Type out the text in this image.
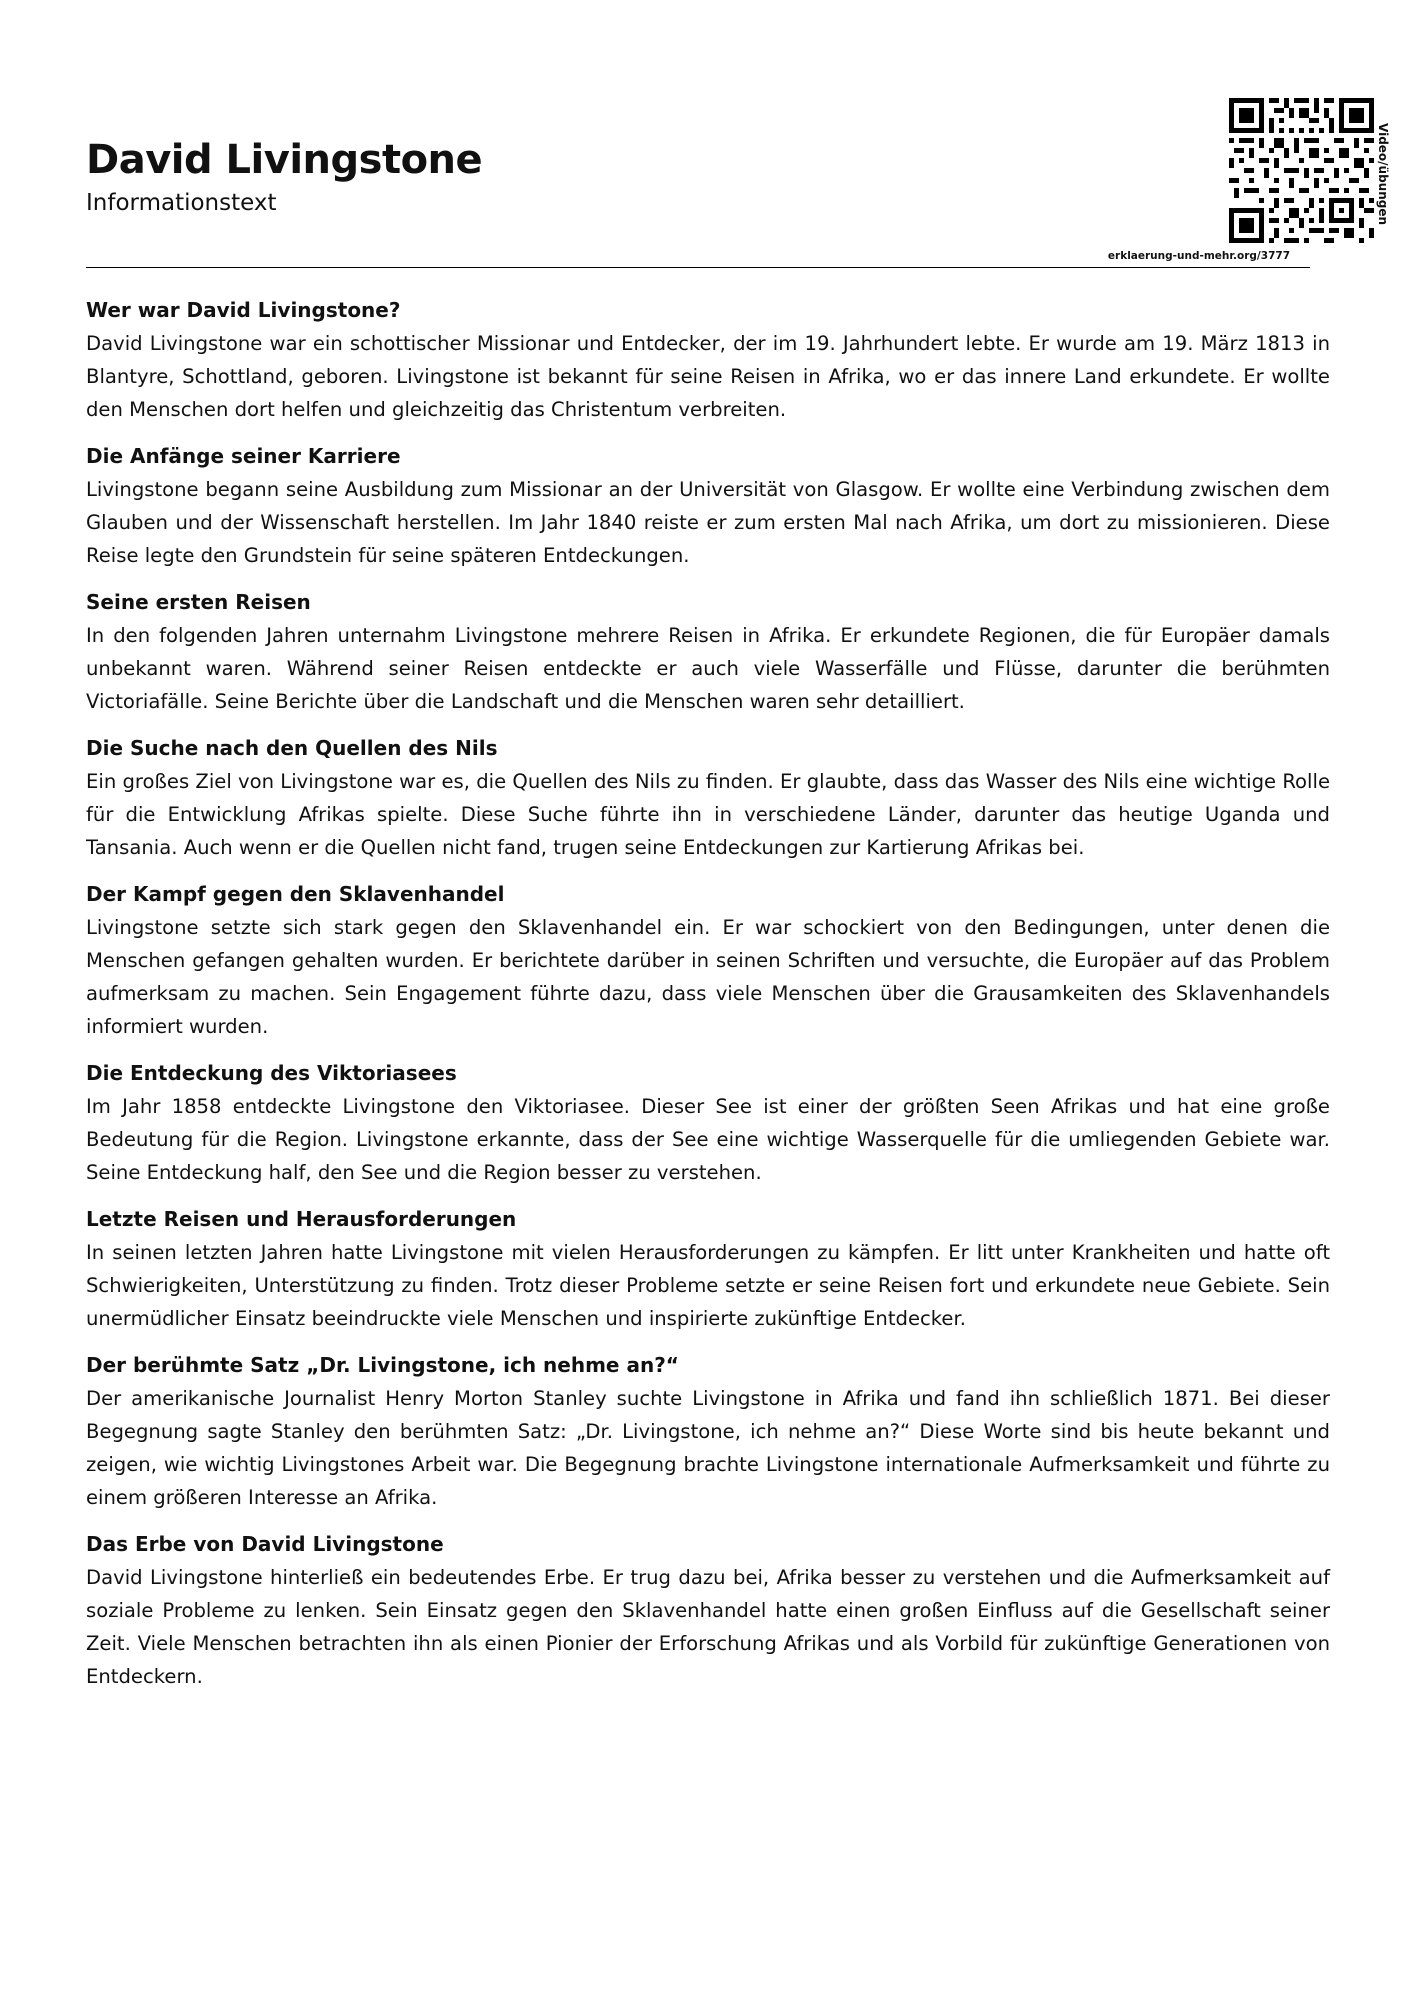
David Livingstone
Informationstext	Video/übungen
erklaerung-und-mehr.org/3777
Wer war David Livingstone?

David Livingstone war ein schottischer Missionar und Entdecker, der im 19. Jahrhundert lebte. Er wurde am 19. März 1813 in Blantyre, Schottland, geboren. Livingstone ist bekannt für seine Reisen in Afrika, wo er das innere Land erkundete. Er wollte den Menschen dort helfen und gleichzeitig das Christentum verbreiten.

Die Anfänge seiner Karriere

Livingstone begann seine Ausbildung zum Missionar an der Universität von Glasgow. Er wollte eine Verbindung zwischen dem Glauben und der Wissenschaft herstellen. Im Jahr 1840 reiste er zum ersten Mal nach Afrika, um dort zu missionieren. Diese Reise legte den Grundstein für seine späteren Entdeckungen.

Seine ersten Reisen

In den folgenden Jahren unternahm Livingstone mehrere Reisen in Afrika. Er erkundete Regionen, die für Europäer damals unbekannt waren. Während seiner Reisen entdeckte er auch viele Wasserfälle und Flüsse, darunter die berühmten Victoriafälle. Seine Berichte über die Landschaft und die Menschen waren sehr detailliert.

Die Suche nach den Quellen des Nils

Ein großes Ziel von Livingstone war es, die Quellen des Nils zu finden. Er glaubte, dass das Wasser des Nils eine wichtige Rolle für die Entwicklung Afrikas spielte. Diese Suche führte ihn in verschiedene Länder, darunter das heutige Uganda und Tansania. Auch wenn er die Quellen nicht fand, trugen seine Entdeckungen zur Kartierung Afrikas bei.

Der Kampf gegen den Sklavenhandel

Livingstone setzte sich stark gegen den Sklavenhandel ein. Er war schockiert von den Bedingungen, unter denen die Menschen gefangen gehalten wurden. Er berichtete darüber in seinen Schriften und versuchte, die Europäer auf das Problem aufmerksam zu machen. Sein Engagement führte dazu, dass viele Menschen über die Grausamkeiten des Sklavenhandels informiert wurden.

Die Entdeckung des Viktoriasees

Im Jahr 1858 entdeckte Livingstone den Viktoriasee. Dieser See ist einer der größten Seen Afrikas und hat eine große Bedeutung für die Region. Livingstone erkannte, dass der See eine wichtige Wasserquelle für die umliegenden Gebiete war. Seine Entdeckung half, den See und die Region besser zu verstehen.

Letzte Reisen und Herausforderungen

In seinen letzten Jahren hatte Livingstone mit vielen Herausforderungen zu kämpfen. Er litt unter Krankheiten und hatte oft Schwierigkeiten, Unterstützung zu finden. Trotz dieser Probleme setzte er seine Reisen fort und erkundete neue Gebiete. Sein unermüdlicher Einsatz beeindruckte viele Menschen und inspirierte zukünftige Entdecker.

Der berühmte Satz „Dr. Livingstone, ich nehme an?“

Der amerikanische Journalist Henry Morton Stanley suchte Livingstone in Afrika und fand ihn schließlich 1871. Bei dieser Begegnung sagte Stanley den berühmten Satz: „Dr. Livingstone, ich nehme an?“ Diese Worte sind bis heute bekannt und zeigen, wie wichtig Livingstones Arbeit war. Die Begegnung brachte Livingstone internationale Aufmerksamkeit und führte zu einem größeren Interesse an Afrika.

Das Erbe von David Livingstone

David Livingstone hinterließ ein bedeutendes Erbe. Er trug dazu bei, Afrika besser zu verstehen und die Aufmerksamkeit auf soziale Probleme zu lenken. Sein Einsatz gegen den Sklavenhandel hatte einen großen Einfluss auf die Gesellschaft seiner Zeit. Viele Menschen betrachten ihn als einen Pionier der Erforschung Afrikas und als Vorbild für zukünftige Generationen von Entdeckern.
